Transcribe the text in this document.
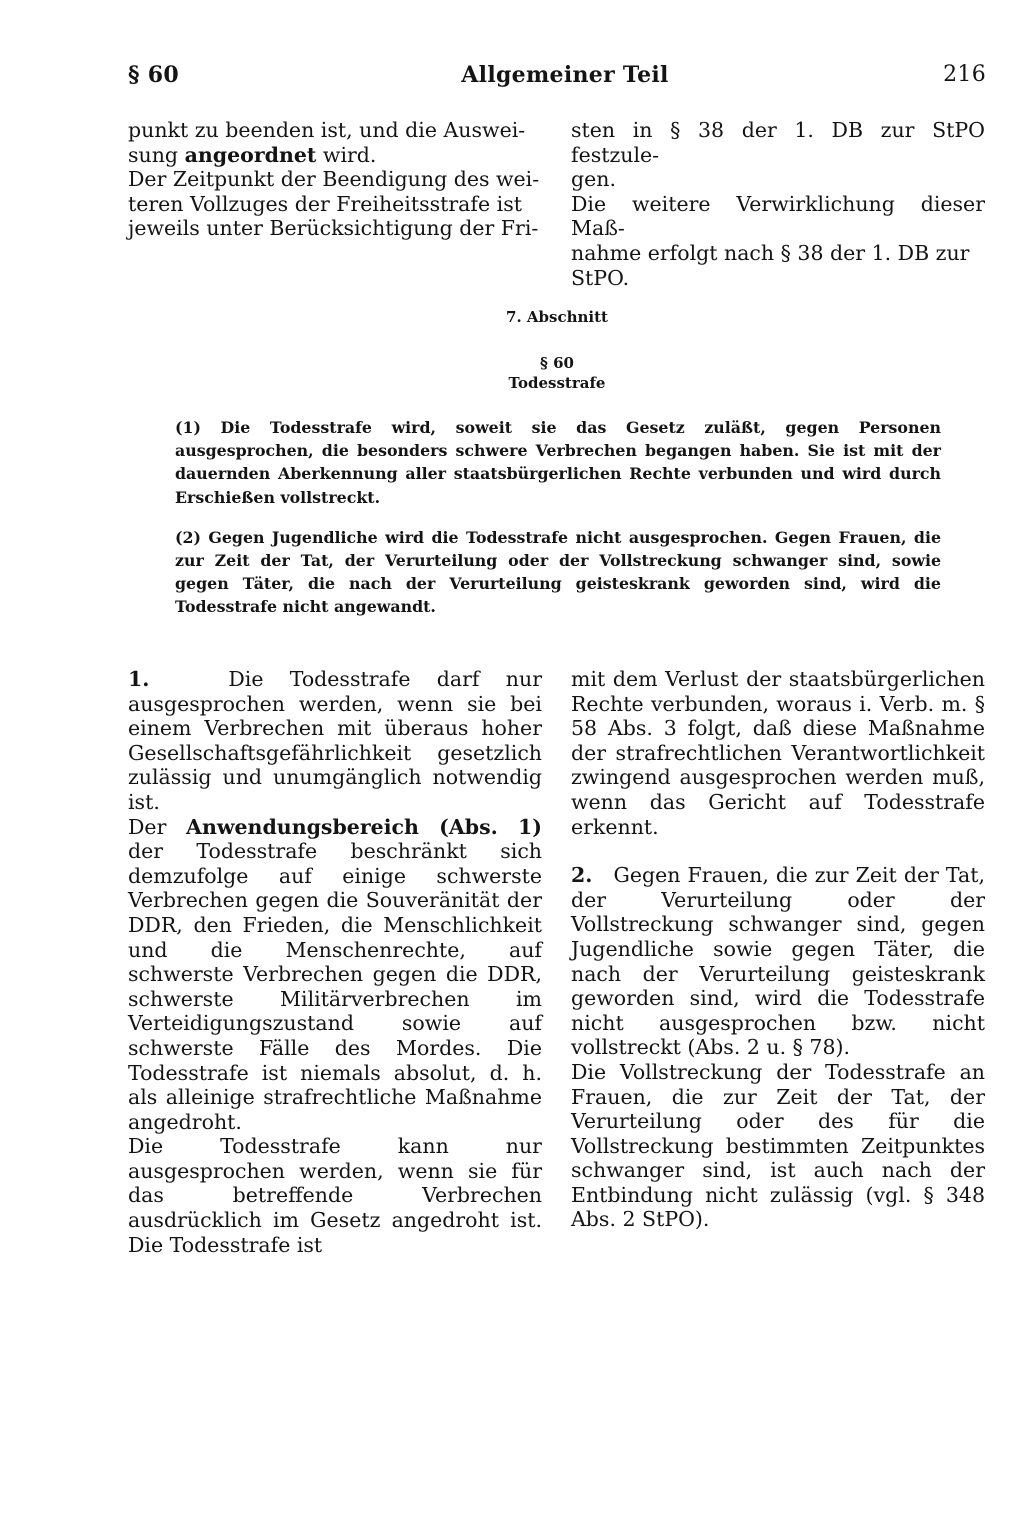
§ 60	Allgemeiner Teil	216

punkt zu beenden ist, und die Auswei-

sung angeordnet wird.

Der Zeitpunkt der Beendigung des wei-

teren Vollzuges der Freiheitsstrafe ist

jeweils unter Berücksichtigung der Fri-

sten in § 38 der 1. DB zur StPO festzule-

gen.

Die weitere Verwirklichung dieser Maß-

nahme erfolgt nach § 38 der 1. DB zur

StPO.

7. Abschnitt
§ 60
Todesstrafe

(1) Die Todesstrafe wird, soweit sie das Gesetz zuläßt, gegen Personen ausgesprochen, die besonders schwere Verbrechen begangen haben. Sie ist mit der dauernden Aberkennung aller staatsbürgerlichen Rechte verbunden und wird durch Erschießen vollstreckt.

(2) Gegen Jugendliche wird die Todesstrafe nicht ausgesprochen. Gegen Frauen, die zur Zeit der Tat, der Verurteilung oder der Vollstreckung schwanger sind, sowie gegen Täter, die nach der Verurteilung geisteskrank geworden sind, wird die Todesstrafe nicht angewandt.

1.	Die Todesstrafe darf nur ausgesprochen werden, wenn sie bei einem Verbrechen mit überaus hoher Gesellschaftsgefährlichkeit gesetzlich zulässig und unumgänglich notwendig ist.

Der Anwendungsbereich (Abs. 1) der Todesstrafe beschränkt sich demzufolge auf einige schwerste Verbrechen gegen die Souveränität der DDR, den Frieden, die Menschlichkeit und die Menschenrechte, auf schwerste Verbrechen gegen die DDR, schwerste Militärverbrechen im Verteidigungszustand sowie auf schwerste Fälle des Mordes. Die Todesstrafe ist niemals absolut, d. h. als alleinige strafrechtliche Maßnahme angedroht.

Die Todesstrafe kann nur ausgesprochen werden, wenn sie für das betreffende Verbrechen ausdrücklich im Gesetz angedroht ist. Die Todesstrafe ist

mit dem Verlust der staatsbürgerlichen Rechte verbunden, woraus i. Verb. m. § 58 Abs. 3 folgt, daß diese Maßnahme der strafrechtlichen Verantwortlichkeit zwingend ausgesprochen werden muß, wenn das Gericht auf Todesstrafe erkennt.

2. Gegen Frauen, die zur Zeit der Tat, der Verurteilung oder der Vollstreckung schwanger sind, gegen Jugendliche sowie gegen Täter, die nach der Verurteilung geisteskrank geworden sind, wird die Todesstrafe nicht ausgesprochen bzw. nicht vollstreckt (Abs. 2 u. § 78).

Die Vollstreckung der Todesstrafe an Frauen, die zur Zeit der Tat, der Verurteilung oder des für die Vollstreckung bestimmten Zeitpunktes schwanger sind, ist auch nach der Entbindung nicht zulässig (vgl. § 348 Abs. 2 StPO).
